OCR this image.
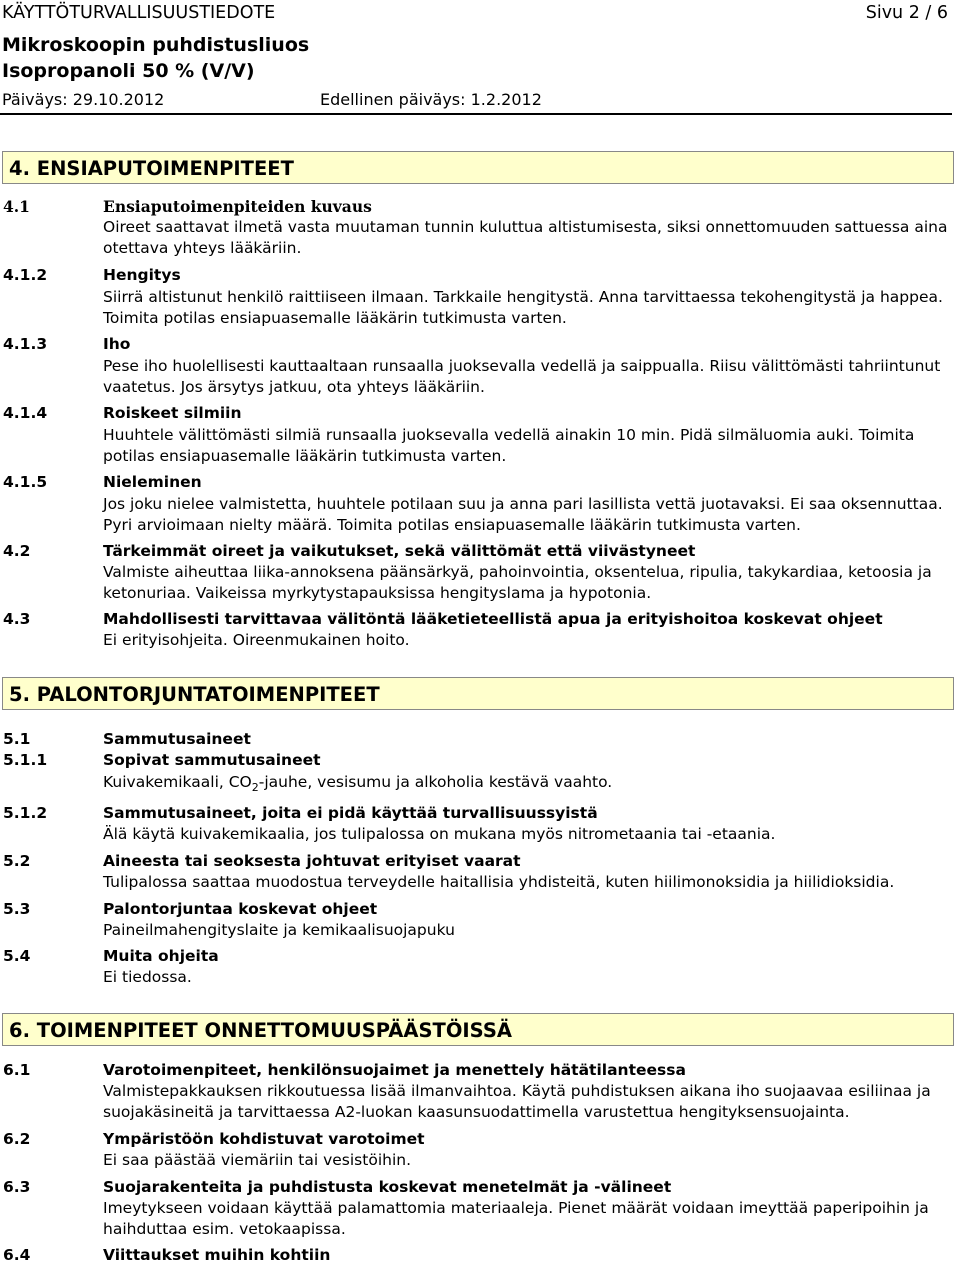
KÄYTTÖTURVALLISUUSTIEDOTE	Sivu 2 / 6
Mikroskoopin puhdistusliuos
Isopropanoli 50 % (V/V)
Päiväys: 29.10.2012	Edellinen päiväys: 1.2.2012
4. ENSIAPUTOIMENPITEET
4.1	Ensiaputoimenpiteiden kuvaus
Oireet saattavat ilmetä vasta muutaman tunnin kuluttua altistumisesta, siksi onnettomuuden sattuessa aina otettava yhteys lääkäriin.
4.1.2	Hengitys
Siirrä altistunut henkilö raittiiseen ilmaan. Tarkkaile hengitystä. Anna tarvittaessa tekohengitystä ja happea. Toimita potilas ensiapuasemalle lääkärin tutkimusta varten.
4.1.3	Iho
Pese iho huolellisesti kauttaaltaan runsaalla juoksevalla vedellä ja saippualla. Riisu välittömästi tahriintunut vaatetus. Jos ärsytys jatkuu, ota yhteys lääkäriin.
4.1.4	Roiskeet silmiin
Huuhtele välittömästi silmiä runsaalla juoksevalla vedellä ainakin 10 min. Pidä silmäluomia auki. Toimita potilas ensiapuasemalle lääkärin tutkimusta varten.
4.1.5	Nieleminen
Jos joku nielee valmistetta, huuhtele potilaan suu ja anna pari lasillista vettä juotavaksi. Ei saa oksennuttaa. Pyri arvioimaan nielty määrä. Toimita potilas ensiapuasemalle lääkärin tutkimusta varten.
4.2	Tärkeimmät oireet ja vaikutukset, sekä välittömät että viivästyneet
Valmiste aiheuttaa liika-annoksena päänsärkyä, pahoinvointia, oksentelua, ripulia, takykardiaa, ketoosia ja ketonuriaa. Vaikeissa myrkytystapauksissa hengityslama ja hypotonia.
4.3	Mahdollisesti tarvittavaa välitöntä lääketieteellistä apua ja erityishoitoa koskevat ohjeet
Ei erityisohjeita. Oireenmukainen hoito.
5. PALONTORJUNTATOIMENPITEET
5.1	Sammutusaineet
5.1.1	Sopivat sammutusaineet
Kuivakemikaali, $CO_2$-jauhe, vesisumu ja alkoholia kestävä vaahto.
5.1.2	Sammutusaineet, joita ei pidä käyttää turvallisuussyistä
Älä käytä kuivakemikaalia, jos tulipalossa on mukana myös nitrometaania tai -etaania.
5.2	Aineesta tai seoksesta johtuvat erityiset vaarat
Tulipalossa saattaa muodostua terveydelle haitallisia yhdisteitä, kuten hiilimonoksidia ja hiilidioksidia.
5.3	Palontorjuntaa koskevat ohjeet
Paineilmahengityslaite ja kemikaalisuojapuku
5.4	Muita ohjeita
Ei tiedossa.
6. TOIMENPITEET ONNETTOMUUSPÄÄSTÖISSÄ
6.1	Varotoimenpiteet, henkilönsuojaimet ja menettely hätätilanteessa
Valmistepakkauksen rikkoutuessa lisää ilmanvaihtoa. Käytä puhdistuksen aikana iho suojaavaa esiliinaa ja suojakäsineitä ja tarvittaessa A2-luokan kaasunsuodattimella varustettua hengityksensuojainta.
6.2	Ympäristöön kohdistuvat varotoimet
Ei saa päästää viemäriin tai vesistöihin.
6.3	Suojarakenteita ja puhdistusta koskevat menetelmät ja -välineet
Imeytykseen voidaan käyttää palamattomia materiaaleja. Pienet määrät voidaan imeyttää paperipoihin ja haihduttaa esim. vetokaapissa.
6.4	Viittaukset muihin kohtiin
